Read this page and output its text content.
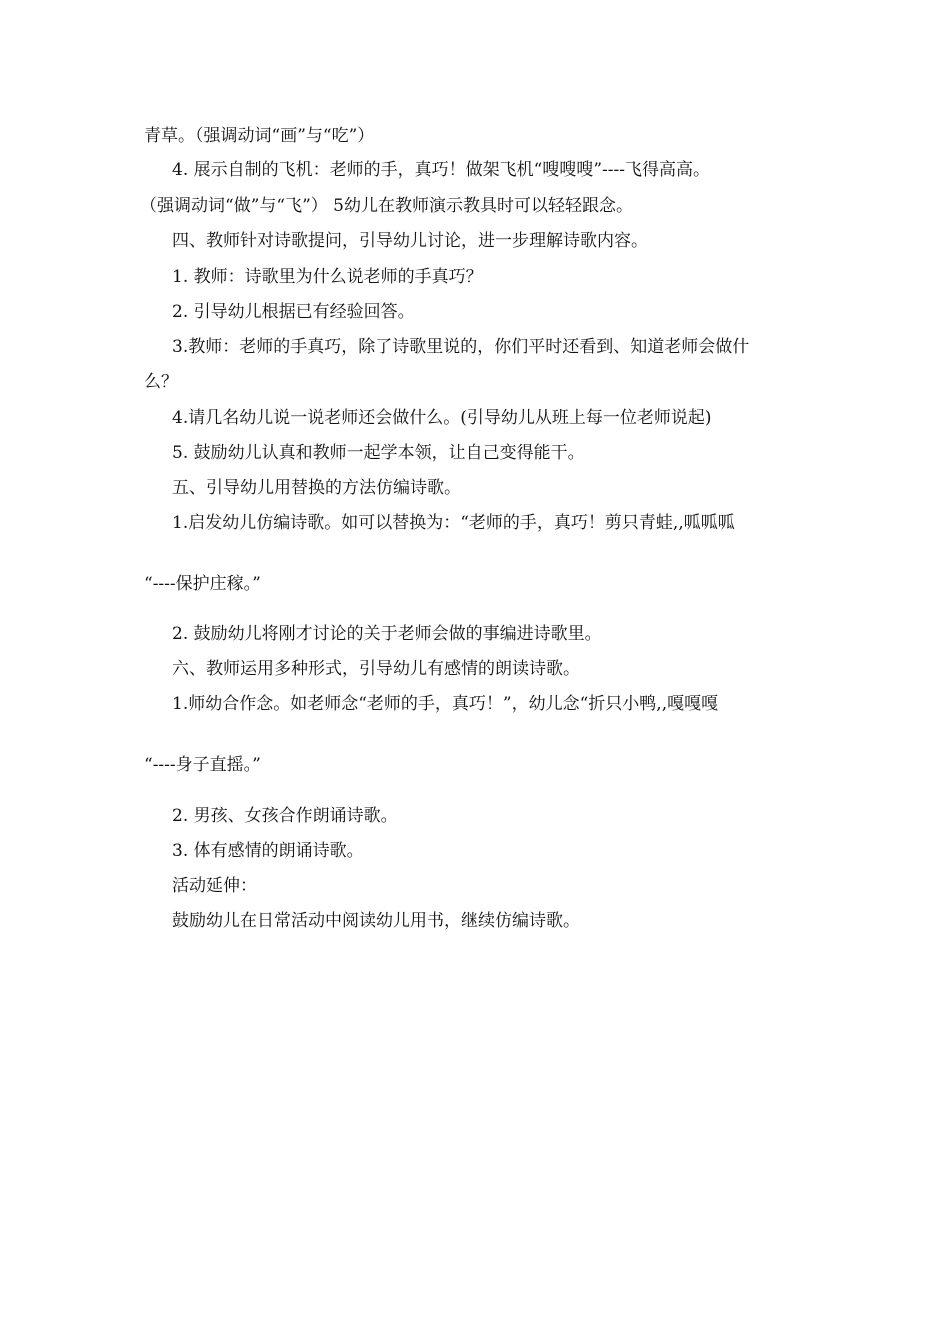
青草。（强调动词“画”与“吃”）
4. 展示自制的飞机：老师的手，真巧！做架飞机“嗖嗖嗖”----飞得高高。
（强调动词“做”与“飞”） 5幼儿在教师演示教具时可以轻轻跟念。
四、教师针对诗歌提问，引导幼儿讨论，进一步理解诗歌内容。
1. 教师：诗歌里为什么说老师的手真巧？
2. 引导幼儿根据已有经验回答。
3.教师：老师的手真巧，除了诗歌里说的，你们平时还看到、知道老师会做什
么？
4.请几名幼儿说一说老师还会做什么。(引导幼儿从班上每一位老师说起)
5. 鼓励幼儿认真和教师一起学本领，让自己变得能干。
五、引导幼儿用替换的方法仿编诗歌。
1.启发幼儿仿编诗歌。如可以替换为：“老师的手，真巧！剪只青蛙,,呱呱呱
“----保护庄稼。”
2. 鼓励幼儿将刚才讨论的关于老师会做的事编进诗歌里。
六、教师运用多种形式，引导幼儿有感情的朗读诗歌。
1.师幼合作念。如老师念“老师的手，真巧！”，幼儿念“折只小鸭,,嘎嘎嘎
“----身子直摇。”
2. 男孩、女孩合作朗诵诗歌。
3. 体有感情的朗诵诗歌。
活动延伸：
鼓励幼儿在日常活动中阅读幼儿用书，继续仿编诗歌。
